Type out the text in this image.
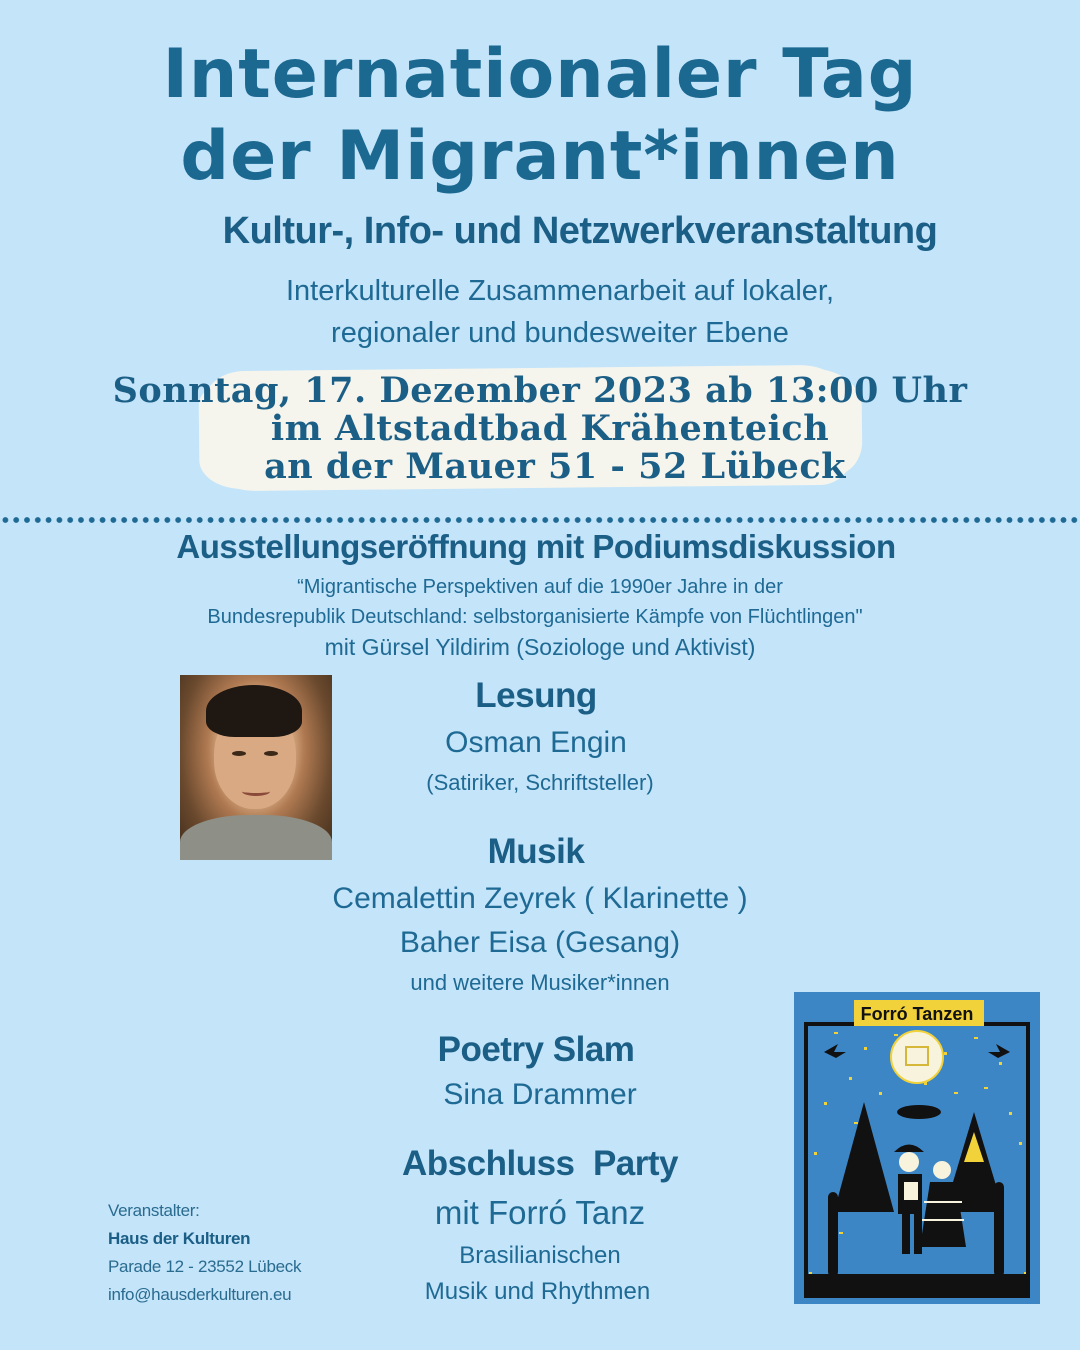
Internationaler Tag
der Migrant*innen
Kultur-, Info- und Netzwerkveranstaltung
Interkulturelle Zusammenarbeit auf lokaler,
regionaler und bundesweiter Ebene
Sonntag, 17. Dezember 2023 ab 13:00 Uhr
im Altstadtbad Krähenteich
an der Mauer 51 - 52 Lübeck
Ausstellungseröffnung mit Podiumsdiskussion
“Migrantische Perspektiven auf die 1990er Jahre in der
Bundesrepublik Deutschland: selbstorganisierte Kämpfe von Flüchtlingen"
mit Gürsel Yildirim (Soziologe und Aktivist)
Lesung
Osman Engin
(Satiriker, Schriftsteller)
Musik
Cemalettin Zeyrek ( Klarinette )
Baher Eisa (Gesang)
und weitere Musiker*innen
Poetry Slam
Sina Drammer
Abschluss  Party
mit Forró Tanz
Brasilianischen
Musik und Rhythmen
Veranstalter:
Haus der Kulturen
Parade 12 - 23552 Lübeck
info@hausderkulturen.eu
Forró Tanzen
